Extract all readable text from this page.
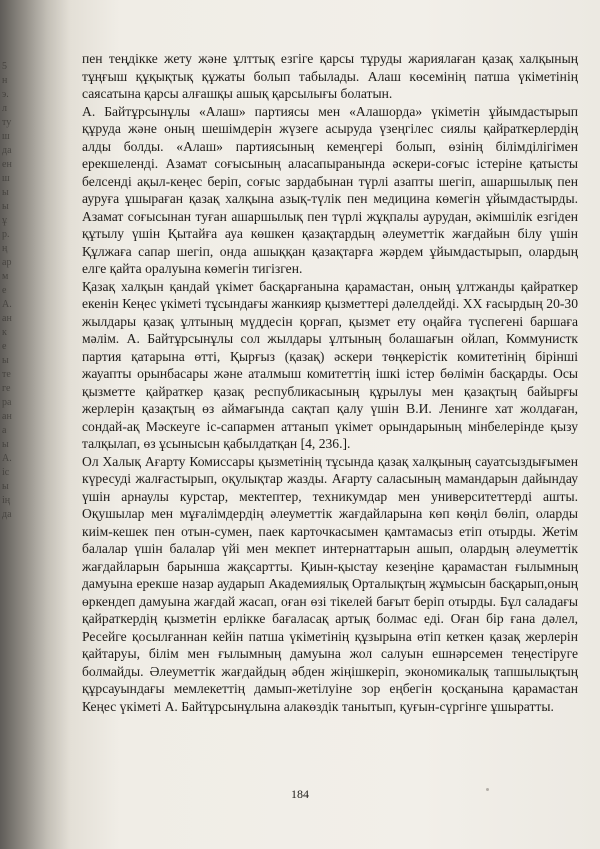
5
н
э.
л
ту
ш
да
ен
ш
ы
ы
ұ
р.
ң
ар
м
е
А.
ан
к
е
ы
те
ге
ра
ан
а
ы
А.
іс
ы
ің
да

пен теңдікке жету және ұлттық езгіге қарсы тұруды жариялаған қазақ халқының тұңғыш құқықтық құжаты болып табылады. Алаш көсемінің патша үкіметінің саясатына қарсы алғашқы ашық қарсылығы болатын.

А. Байтұрсынұлы «Алаш» партиясы мен «Алашорда» үкіметін ұйымдастырып құруда және оның шешімдерін жүзеге асыруда үзеңгілес сиялы қайраткерлердің алды болды. «Алаш» партиясының кемеңгері болып, өзінің білімділігімен ерекшеленді. Азамат соғысының аласапыранында әскери-соғыс істеріне қатысты белсенді ақыл-кеңес беріп, соғыс зардабынан түрлі азапты шегіп, ашаршылық пен ауруға ұшыраған қазақ халқына азық-түлік пен медицина көмегін ұйымдастырды. Азамат соғысынан туған ашаршылық пен түрлі жұқпалы аурудан, әкімшілік езгіден құтылу үшін Қытайға ауа көшкен қазақтардың әлеуметтік жағдайын білу үшін Құлжаға сапар шегіп, онда ашыққан қазақтарға жәрдем ұйымдастырып, олардың елге қайта оралуына көмегін тигізген.

Қазақ халқын қандай үкімет басқарғанына қарамастан, оның ұлтжанды қайраткер екенін Кеңес үкіметі тұсындағы жанкияр қызметтері дәлелдейді. XX ғасырдың 20-30 жылдары қазақ ұлтының мүддесін қорғап, қызмет ету оңайға түспегені баршаға мәлім. А. Байтұрсынұлы сол жылдары ұлтының болашағын ойлап, Коммунистк партия қатарына өтті, Қырғыз (қазақ) әскери төңкерістік комитетінің бірінші жауапты орынбасары және аталмыш комитеттің ішкі істер бөлімін басқарды. Осы қызметте қайраткер қазақ республикасының құрылуы мен қазақтың байырғы жерлерін қазақтың өз аймағында сақтап қалу үшін В.И. Ленинге хат жолдаған, сондай-ақ Мәскеуге іс-сапармен аттанып үкімет орындарының мінбелерінде қызу талқылап, өз ұсынысын қабылдатқан [4, 236.].

Ол Халық Ағарту Комиссары қызметінің тұсында қазақ халқының сауатсыздығымен күресуді жалғастырып, оқулықтар жазды. Ағарту саласының мамандарын дайындау үшін арнаулы курстар, мектептер, техникумдар мен университеттерді ашты. Оқушылар мен мұғалімдердің әлеуметтік жағдайларына көп көңіл бөліп, оларды киім-кешек пен отын-сумен, паек карточкасымен қамтамасыз етіп отырды. Жетім балалар үшін балалар үйі мен мекпет интернаттарын ашып, олардың әлеуметтік жағдайларын барынша жақсартты. Қиын-қыстау кезеңіне қарамастан ғылымның дамуына ерекше назар аударып Академиялық Орталықтың жұмысын басқарып,оның өркендеп дамуына жағдай жасап, оған өзі тікелей бағыт беріп отырды. Бұл саладағы қайраткердің қызметін ерлікке бағаласақ артық болмас еді. Оған бір ғана дәлел, Ресейге қосылғаннан кейін патша үкіметінің құзырына өтіп кеткен қазақ жерлерін қайтаруы, білім мен ғылымның дамуына жол салуын ешнәрсемен теңестіруге болмайды. Әлеуметтік жағдайдың әбден жіңішкеріп, экономикалық тапшылықтың құрсауындағы мемлекеттің дамып-жетілуіне зор еңбегін қосқанына қарамастан Кеңес үкіметі А. Байтұрсынұлына алакөздік танытып, қуғын-сүргінге ұшыратты.

184
